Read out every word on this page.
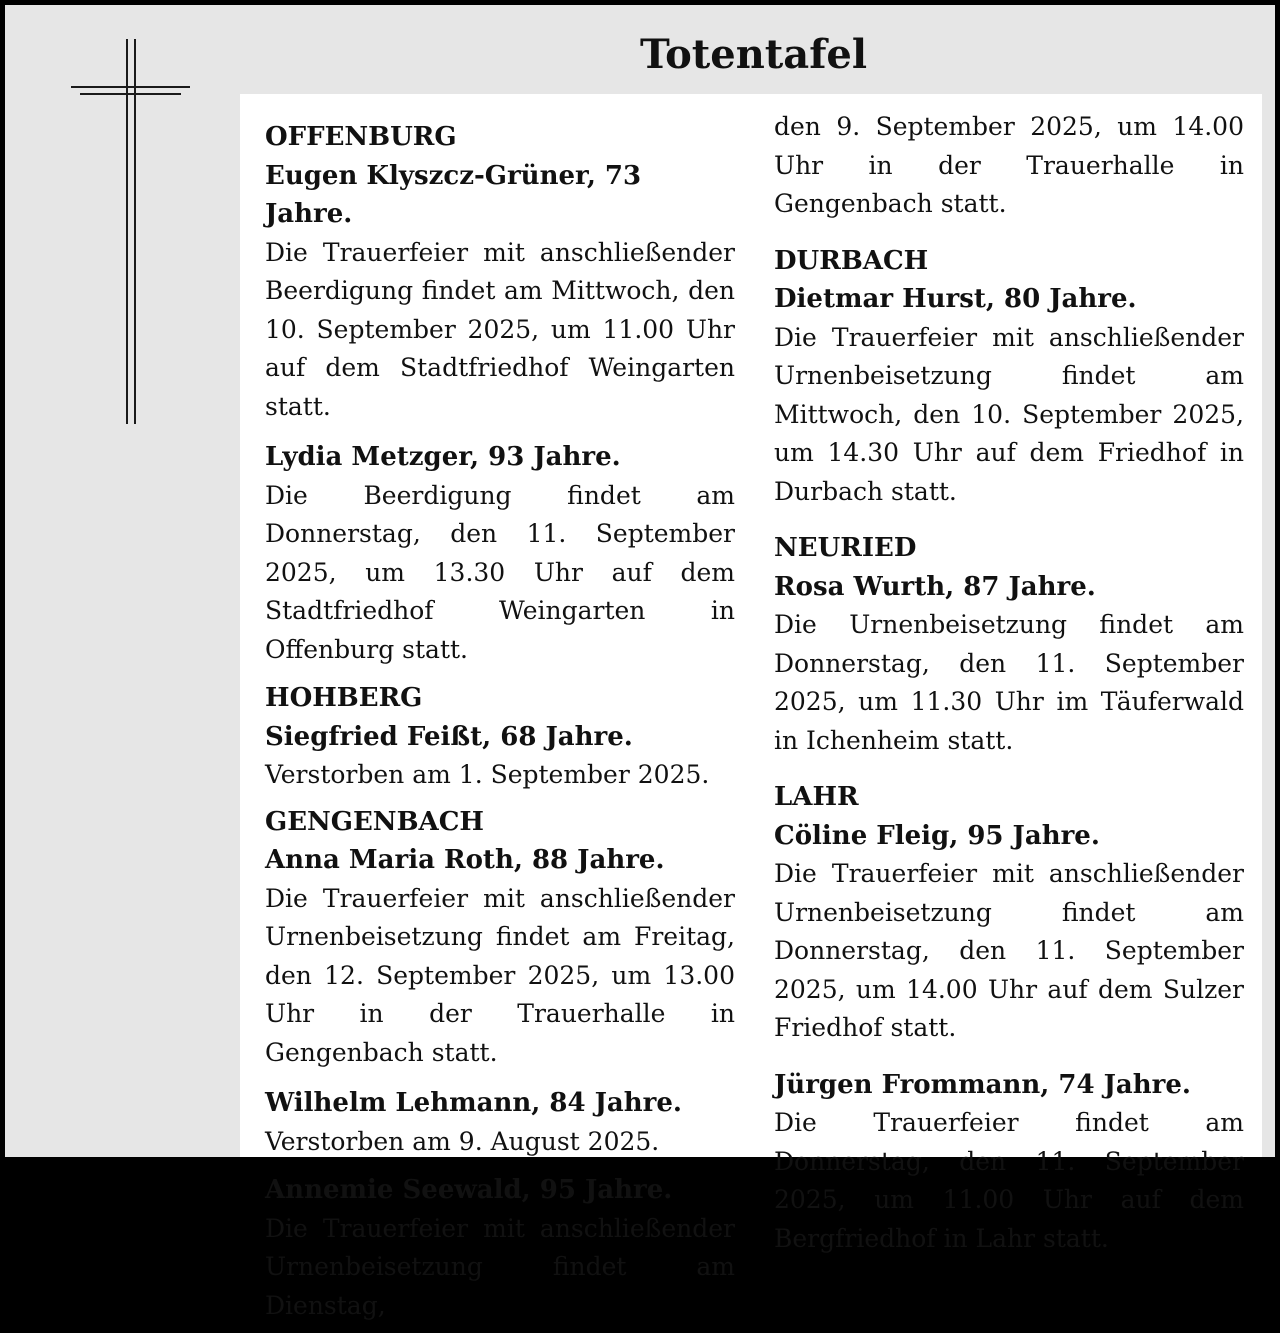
Totentafel

OFFENBURG

Eugen Klyszcz-Grüner, 73 Jahre.

Die Trauerfeier mit anschließender Beerdigung findet am Mittwoch, den 10. September 2025, um 11.00 Uhr auf dem Stadtfriedhof Weingarten statt.

Lydia Metzger, 93 Jahre.

Die Beerdigung findet am Donnerstag, den 11. September 2025, um 13.30 Uhr auf dem Stadtfriedhof Weingarten in Offenburg statt.

HOHBERG

Siegfried Feißt, 68 Jahre.

Verstorben am 1. September 2025.

GENGENBACH

Anna Maria Roth, 88 Jahre.

Die Trauerfeier mit anschließender Urnenbeisetzung findet am Freitag, den 12. September 2025, um 13.00 Uhr in der Trauerhalle in Gengenbach statt.

Wilhelm Lehmann, 84 Jahre.

Verstorben am 9. August 2025.

Annemie Seewald, 95 Jahre.

Die Trauerfeier mit anschließender Urnenbeisetzung findet am Dienstag,

den 9. September 2025, um 14.00 Uhr in der Trauerhalle in Gengenbach statt.

DURBACH

Dietmar Hurst, 80 Jahre.

Die Trauerfeier mit anschließender Urnenbeisetzung findet am Mittwoch, den 10. September 2025, um 14.30 Uhr auf dem Friedhof in Durbach statt.

NEURIED

Rosa Wurth, 87 Jahre.

Die Urnenbeisetzung findet am Donnerstag, den 11. September 2025, um 11.30 Uhr im Täuferwald in Ichenheim statt.

LAHR

Cöline Fleig, 95 Jahre.

Die Trauerfeier mit anschließender Urnenbeisetzung findet am Donnerstag, den 11. September 2025, um 14.00 Uhr auf dem Sulzer Friedhof statt.

Jürgen Frommann, 74 Jahre.

Die Trauerfeier findet am Donnerstag, den 11. September 2025, um 11.00 Uhr auf dem Bergfriedhof in Lahr statt.
